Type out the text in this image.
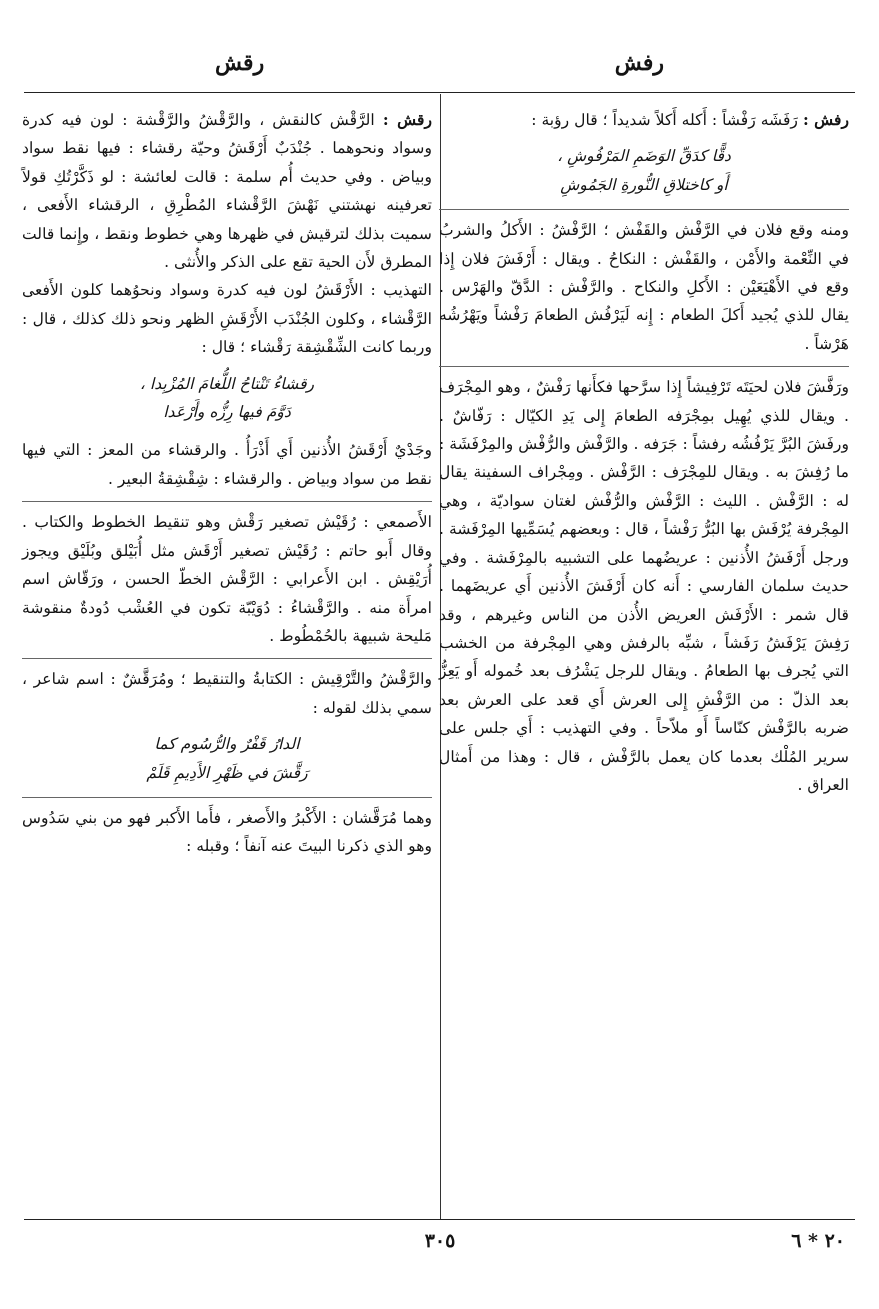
رفش
رقش

رفش : رَفَشَه رَفْشاً : أَكله أَكلاً شديداً ؛ قال رؤبة :

دقًّا كدَقِّ الوَضَمِ المَرْفُوشِ ،
أَو كاختلاقِ النُّورةِ الجَمُوشِ

ومنه وقع فلان في الرَّفْش والقَفْش ؛ الرَّفْشُ : الأَكلُ والشربُ في النِّعْمة والأَمْن ، والقَفْش : النكاحُ . ويقال : أَرْفَشَ فلان إِذا وقع في الأَهْيَعَيْن : الأَكلِ والنكاح . والرَّفْش : الدَّقّ والهَرْس . يقال للذي يُجيد أَكلَ الطعام : إِنه لَيَرْفُش الطعامَ رَفْشاً ويَهْرُشُه هَرْشاً .

ورَفَّشَ فلان لحيَتَه تَرْفِيشاً إِذا سرَّحها فكأَنها رَفْشٌ ، وهو المِجْرَف . ويقال للذي يُهِيل بمِجْرَفه الطعامَ إِلى يَدِ الكيّال : رَفّاشٌ . ورفَشَ البُرَّ يَرْفُشُه رفشاً : جَرَفه . والرَّفْش والرُّفْش والمِرْفَشَة : ما رُفِشَ به . ويقال للمِجْرَف : الرَّفْش . ومِجْراف السفينة يقال له : الرَّفْش . الليث : الرَّفْش والرُّفْش لغتان سواديّة ، وهي المِجْرفة يُرْفَش بها البُرُّ رَفْشاً ، قال : وبعضهم يُسَمِّيها المِرْفَشة . ورجل أَرْفَشُ الأُذنين : عريضُهما على التشبيه بالمِرْفَشة . وفي حديث سلمان الفارسي : أَنه كان أَرْفَشَ الأُذنين أَي عريضَهما . قال شمر : الأَرْفَش العريض الأُذن من الناس وغيرهم ، وقد رَفِشَ يَرْفَشُ رَفَشاً ، شبِّه بالرفش وهي المِجْرفة من الخشب التي يُجرف بها الطعامُ . ويقال للرجل يَشْرُف بعد خُموله أَو يَعِزُّ بعد الذلّ : من الرَّفْشِ إِلى العرش أَي قعد على العرش بعد ضربه بالرَّفْش كنّاساً أَو ملاّحاً . وفي التهذيب : أَي جلس على سرير المُلْك بعدما كان يعمل بالرَّفْش ، قال : وهذا من أَمثال العراق .

رقش : الرَّقْش كالنقش ، والرَّقْشُ والرَّقْشة : لون فيه كدرة وسواد ونحوهما . جُنْدَبٌ أَرْقَشُ وحيّة رقشاء : فيها نقط سواد وبياض . وفي حديث أُم سلمة : قالت لعائشة : لو ذَكَّرْتُكِ قولاً تعرفينه نهشتني نَهْشَ الرَّقْشاء المُطْرِقِ ، الرقشاء الأَفعى ، سميت بذلك لترقيش في ظهرها وهي خطوط ونقط ، وإِنما قالت المطرق لأَن الحية تقع على الذكر والأُنثى .

التهذيب : الأَرْقَشُ لون فيه كدرة وسواد ونحوُهما كلون الأَفعى الرَّقْشاء ، وكلون الجُنْدَب الأَرْقَشِ الظهر ونحو ذلك كذلك ، قال : وربما كانت الشِّقْشِقة رَقْشاء ؛ قال :

رقشاءُ تَنْتاحُ اللُّغامَ المُزْبِدا ،
دَوَّمَ فيها رِزُّه وأَرْعَدا

وجَدْيٌ أَرْقَشُ الأُذنين أَي أَذْرَأُ . والرقشاء من المعز : التي فيها نقط من سواد وبياض . والرقشاء : شِقْشِقةُ البعير .

الأَصمعي : رُقَيْش تصغير رَقْش وهو تنقيط الخطوط والكتاب . وقال أَبو حاتم : رُقَيْش تصغير أَرْقَش مثل أُبَيْلق وبُلَيْق ويجوز أُرَيْقِش . ابن الأَعرابي : الرَّقْش الخطّ الحسن ، ورَقّاش اسم امرأَة منه . والرَّقْشاءُ : دُوَيْبّة تكون في العُشْب دُودةٌ منقوشة مَليحة شبيهة بالحُمْطُوط .

والرَّقْشُ والتَّرْقِيش : الكتابةُ والتنقيط ؛ ومُرَقَّشٌ : اسم شاعر ، سمي بذلك لقوله :

الدارُ قَفْرٌ والرُّسُوم كما
رَقَّشَ في ظَهْرِ الأَدِيمِ قَلَمْ

وهما مُرَقَّشان : الأَكْبرُ والأَصغر ، فأَما الأَكبر فهو من بني سَدُوس وهو الذي ذكرنا البيتَ عنه آنفاً ؛ وقبله :

٣٠٥	٢٠ * ٦
